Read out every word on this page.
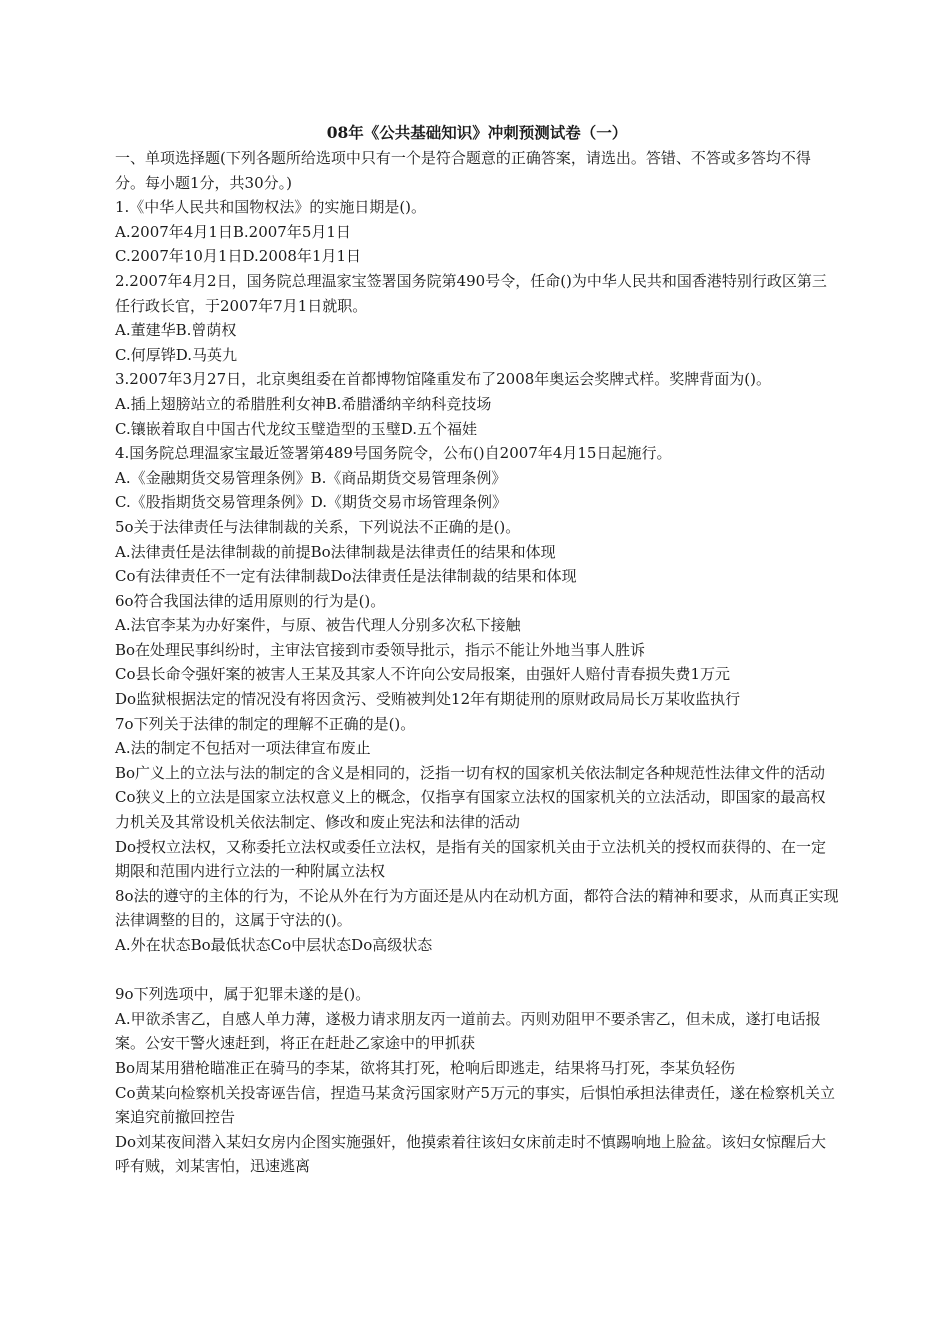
08年《公共基础知识》冲刺预测试卷（一）

一、单项选择题(下列各题所给选项中只有一个是符合题意的正确答案，请选出。答错、不答或多答均不得分。每小题1分，共30分。)

1.《中华人民共和国物权法》的实施日期是()。

A.2007年4月1日B.2007年5月1日

C.2007年10月1日D.2008年1月1日

2.2007年4月2日，国务院总理温家宝签署国务院第490号令，任命()为中华人民共和国香港特别行政区第三任行政长官，于2007年7月1日就职。

A.董建华B.曾荫权

C.何厚铧D.马英九

3.2007年3月27日，北京奥组委在首都博物馆隆重发布了2008年奥运会奖牌式样。奖牌背面为()。

A.插上翅膀站立的希腊胜利女神B.希腊潘纳辛纳科竞技场

C.镶嵌着取自中国古代龙纹玉璧造型的玉璧D.五个福娃

4.国务院总理温家宝最近签署第489号国务院令，公布()自2007年4月15日起施行。

A.《金融期货交易管理条例》B.《商品期货交易管理条例》

C.《股指期货交易管理条例》D.《期货交易市场管理条例》

5o关于法律责任与法律制裁的关系，下列说法不正确的是()。

A.法律责任是法律制裁的前提Bo法律制裁是法律责任的结果和体现

Co有法律责任不一定有法律制裁Do法律责任是法律制裁的结果和体现

6o符合我国法律的适用原则的行为是()。

A.法官李某为办好案件，与原、被告代理人分别多次私下接触

Bo在处理民事纠纷时，主审法官接到市委领导批示，指示不能让外地当事人胜诉

Co县长命令强奸案的被害人王某及其家人不许向公安局报案，由强奸人赔付青春损失费1万元

Do监狱根据法定的情况没有将因贪污、受贿被判处12年有期徒刑的原财政局局长万某收监执行

7o下列关于法律的制定的理解不正确的是()。

A.法的制定不包括对一项法律宣布废止

Bo广义上的立法与法的制定的含义是相同的，泛指一切有权的国家机关依法制定各种规范性法律文件的活动

Co狭义上的立法是国家立法权意义上的概念，仅指享有国家立法权的国家机关的立法活动，即国家的最高权力机关及其常设机关依法制定、修改和废止宪法和法律的活动

Do授权立法权，又称委托立法权或委任立法权，是指有关的国家机关由于立法机关的授权而获得的、在一定期限和范围内进行立法的一种附属立法权

8o法的遵守的主体的行为，不论从外在行为方面还是从内在动机方面，都符合法的精神和要求，从而真正实现法律调整的目的，这属于守法的()。

A.外在状态Bo最低状态Co中层状态Do高级状态

9o下列选项中，属于犯罪未遂的是()。

A.甲欲杀害乙，自感人单力薄，遂极力请求朋友丙一道前去。丙则劝阻甲不要杀害乙，但未成，遂打电话报案。公安干警火速赶到，将正在赶赴乙家途中的甲抓获

Bo周某用猎枪瞄准正在骑马的李某，欲将其打死，枪响后即逃走，结果将马打死，李某负轻伤

Co黄某向检察机关投寄诬告信，捏造马某贪污国家财产5万元的事实，后惧怕承担法律责任，遂在检察机关立案追究前撤回控告

Do刘某夜间潜入某妇女房内企图实施强奸，他摸索着往该妇女床前走时不慎踢响地上脸盆。该妇女惊醒后大呼有贼，刘某害怕，迅速逃离
